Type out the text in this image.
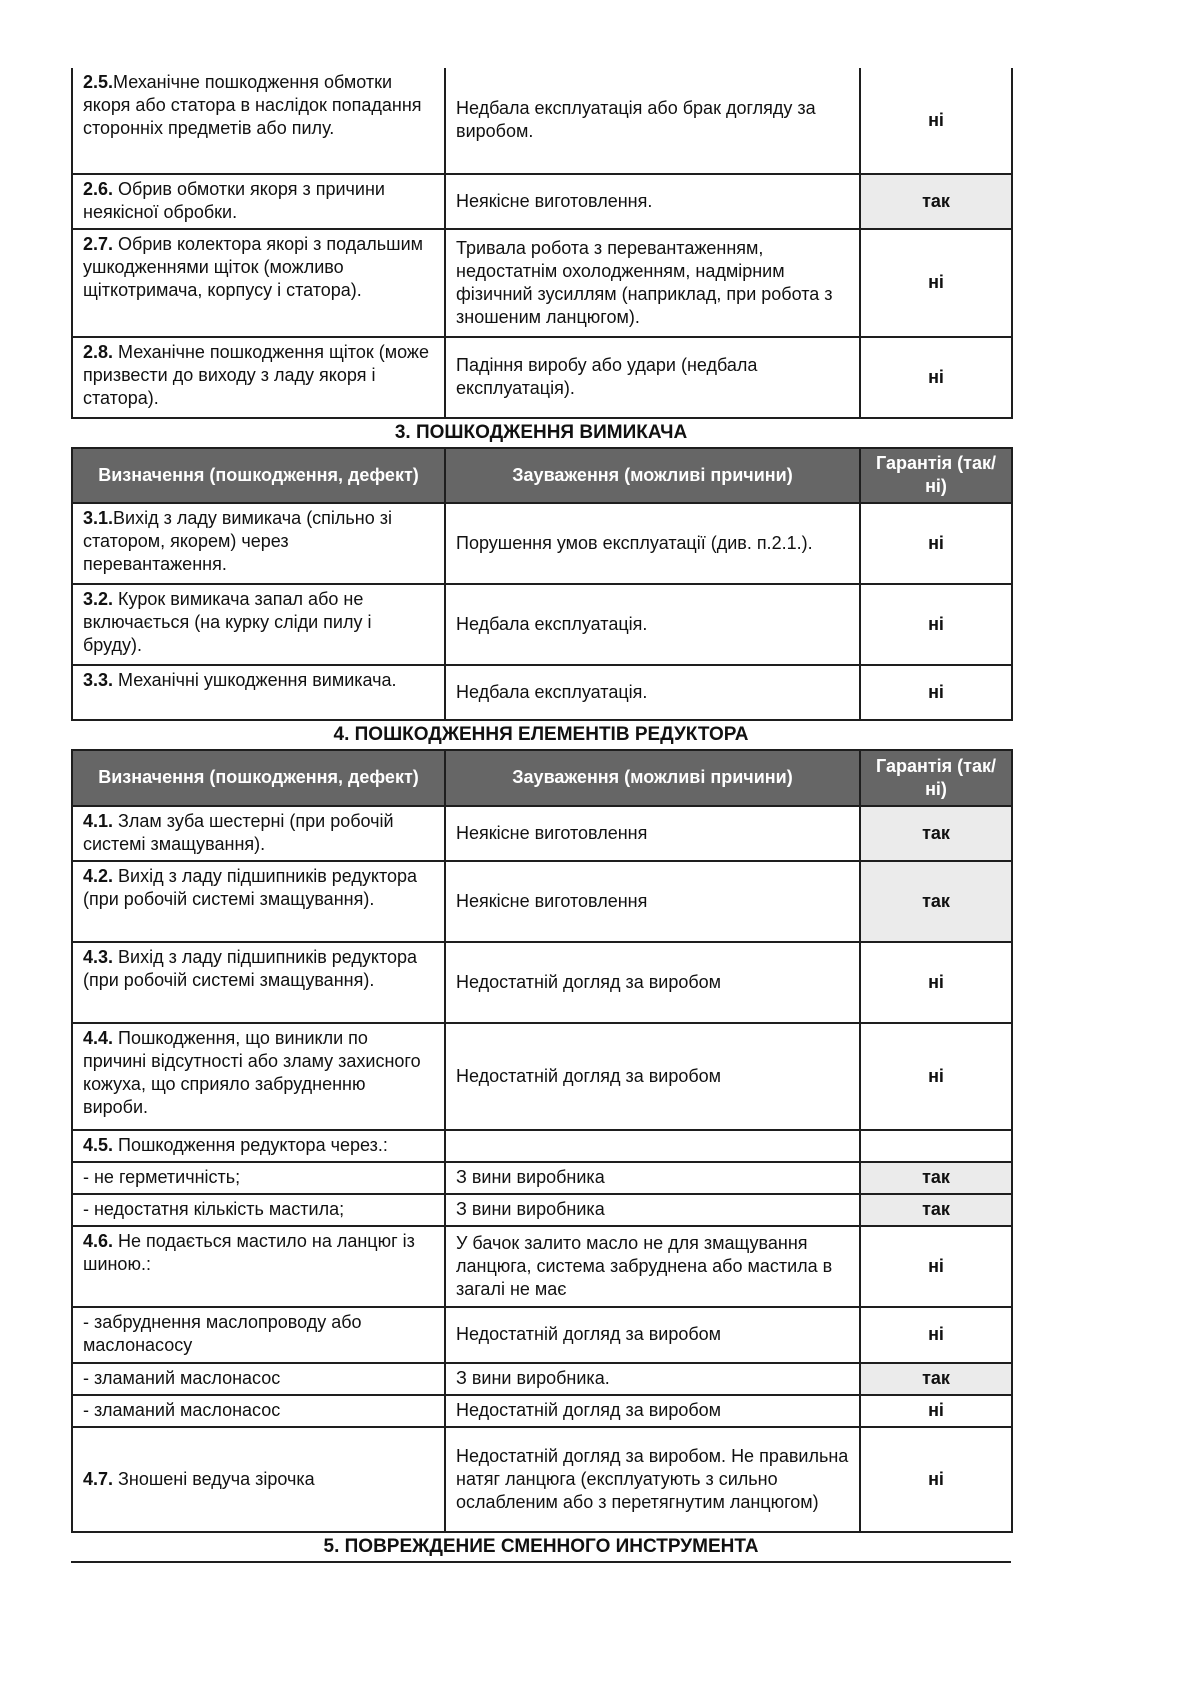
2.5.Механічне пошкодження обмотки якоря або статора в наслідок попадання сторонніх предметів або пилу.	Недбала експлуатація або брак догляду за виробом.	ні
2.6. Обрив обмотки якоря з причини неякісної обробки.	Неякісне виготовлення.	так
2.7. Обрив колектора якорі з подальшим ушкодженнями щіток (можливо щіткотримача, корпусу і статора).	Тривала робота з перевантаженням, недостатнім охолодженням, надмірним фізичний зусиллям (наприклад, при робота з зношеним ланцюгом).	ні
2.8. Механічне пошкодження щіток (може призвести до виходу з ладу якоря і статора).	Падіння виробу або удари (недбала експлуатація).	ні
3. ПОШКОДЖЕННЯ ВИМИКАЧА
Визначення (пошкодження, дефект)	Зауваження (можливі причини)	Гарантія (так/ні)
3.1.Вихід з ладу вимикача (спільно зі статором, якорем) через перевантаження.	Порушення умов експлуатації (див. п.2.1.).	ні
3.2. Курок вимикача запал або не включається (на курку сліди пилу і бруду).	Недбала експлуатація.	ні
3.3. Механічні ушкодження вимикача.	Недбала експлуатація.	ні
4. ПОШКОДЖЕННЯ ЕЛЕМЕНТІВ РЕДУКТОРА
Визначення (пошкодження, дефект)	Зауваження (можливі причини)	Гарантія (так/ні)
4.1. Злам зуба шестерні (при робочій системі змащування).	Неякісне виготовлення	так
4.2. Вихід з ладу підшипників редуктора (при робочій системі змащування).	Неякісне виготовлення	так
4.3. Вихід з ладу підшипників редуктора (при робочій системі змащування).	Недостатній догляд за виробом	ні
4.4. Пошкодження, що виникли по причині відсутності або зламу захисного кожуха, що сприяло забрудненню вироби.	Недостатній догляд за виробом	ні
4.5. Пошкодження редуктора через.:		
- не герметичність;	З вини виробника	так
- недостатня кількість мастила;	З вини виробника	так
4.6. Не подається мастило на ланцюг із шиною.:	У бачок залито масло не для змащування ланцюга, система забруднена або мастила в загалі не має	ні
- забруднення маслопроводу або маслонасосу	Недостатній догляд за виробом	ні
- зламаний маслонасос	З вини виробника.	так
- зламаний маслонасос	Недостатній догляд за виробом	ні
4.7. Зношені ведуча зірочка	Недостатній догляд за виробом. Не правильна натяг ланцюга (експлуатують з сильно ослабленим або з перетягнутим ланцюгом)	ні
5. ПОВРЕЖДЕНИЕ СМЕННОГО ИНСТРУМЕНТА
